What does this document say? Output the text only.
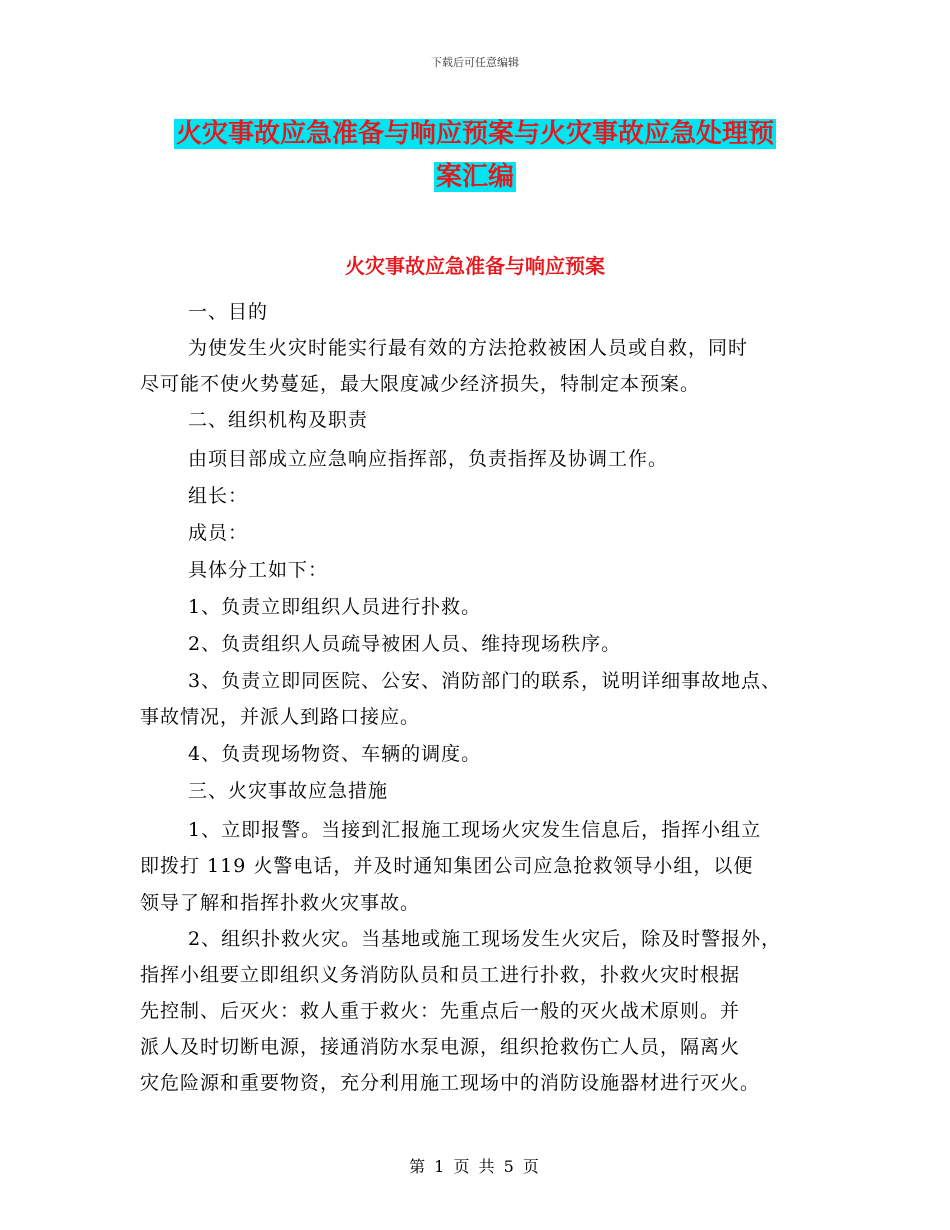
下载后可任意编辑
火灾事故应急准备与响应预案与火灾事故应急处理预
案汇编
火灾事故应急准备与响应预案
一、目的
为使发生火灾时能实行最有效的方法抢救被困人员或自救，同时
尽可能不使火势蔓延，最大限度减少经济损失，特制定本预案。
二、组织机构及职责
由项目部成立应急响应指挥部，负责指挥及协调工作。
组长：
成员：
具体分工如下：
1、负责立即组织人员进行扑救。
2、负责组织人员疏导被困人员、维持现场秩序。
3、负责立即同医院、公安、消防部门的联系，说明详细事故地点、
事故情况，并派人到路口接应。
4、负责现场物资、车辆的调度。
三、火灾事故应急措施
1、立即报警。当接到汇报施工现场火灾发生信息后，指挥小组立
即拨打 119 火警电话，并及时通知集团公司应急抢救领导小组，以便
领导了解和指挥扑救火灾事故。
2、组织扑救火灾。当基地或施工现场发生火灾后，除及时警报外，
指挥小组要立即组织义务消防队员和员工进行扑救，扑救火灾时根据
先控制、后灭火：救人重于救火：先重点后一般的灭火战术原则。并
派人及时切断电源，接通消防水泵电源，组织抢救伤亡人员，隔离火
灾危险源和重要物资，充分利用施工现场中的消防设施器材进行灭火。
第 1 页 共 5 页
